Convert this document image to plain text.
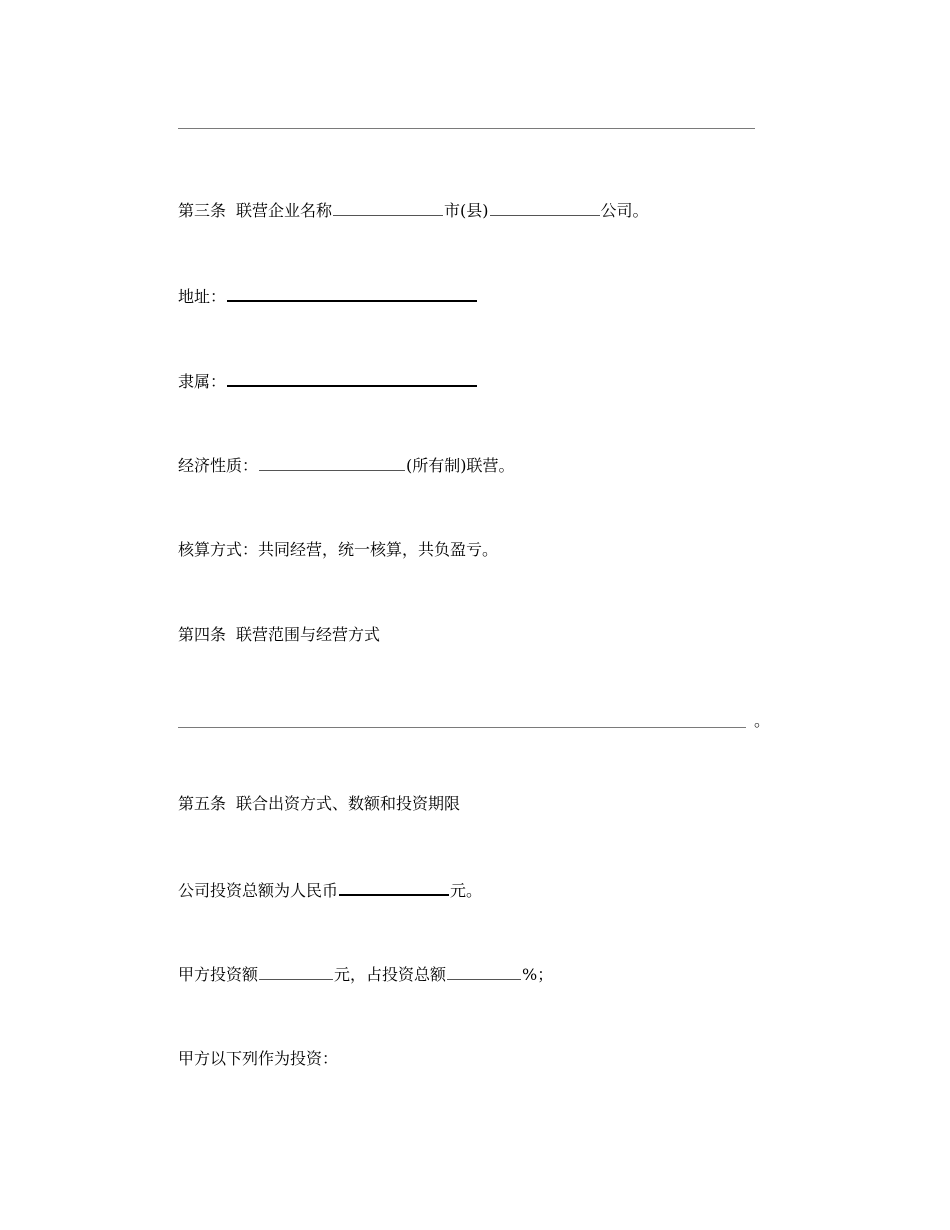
第三条 联营企业名称	市(县)	公司。
地址：
隶属：
经济性质：	(所有制)联营。
核算方式：共同经营，统一核算，共负盈亏。
第四条 联营范围与经营方式
。
第五条 联合出资方式、数额和投资期限
公司投资总额为人民币	元。
甲方投资额	元，占投资总额	%；
甲方以下列作为投资：
